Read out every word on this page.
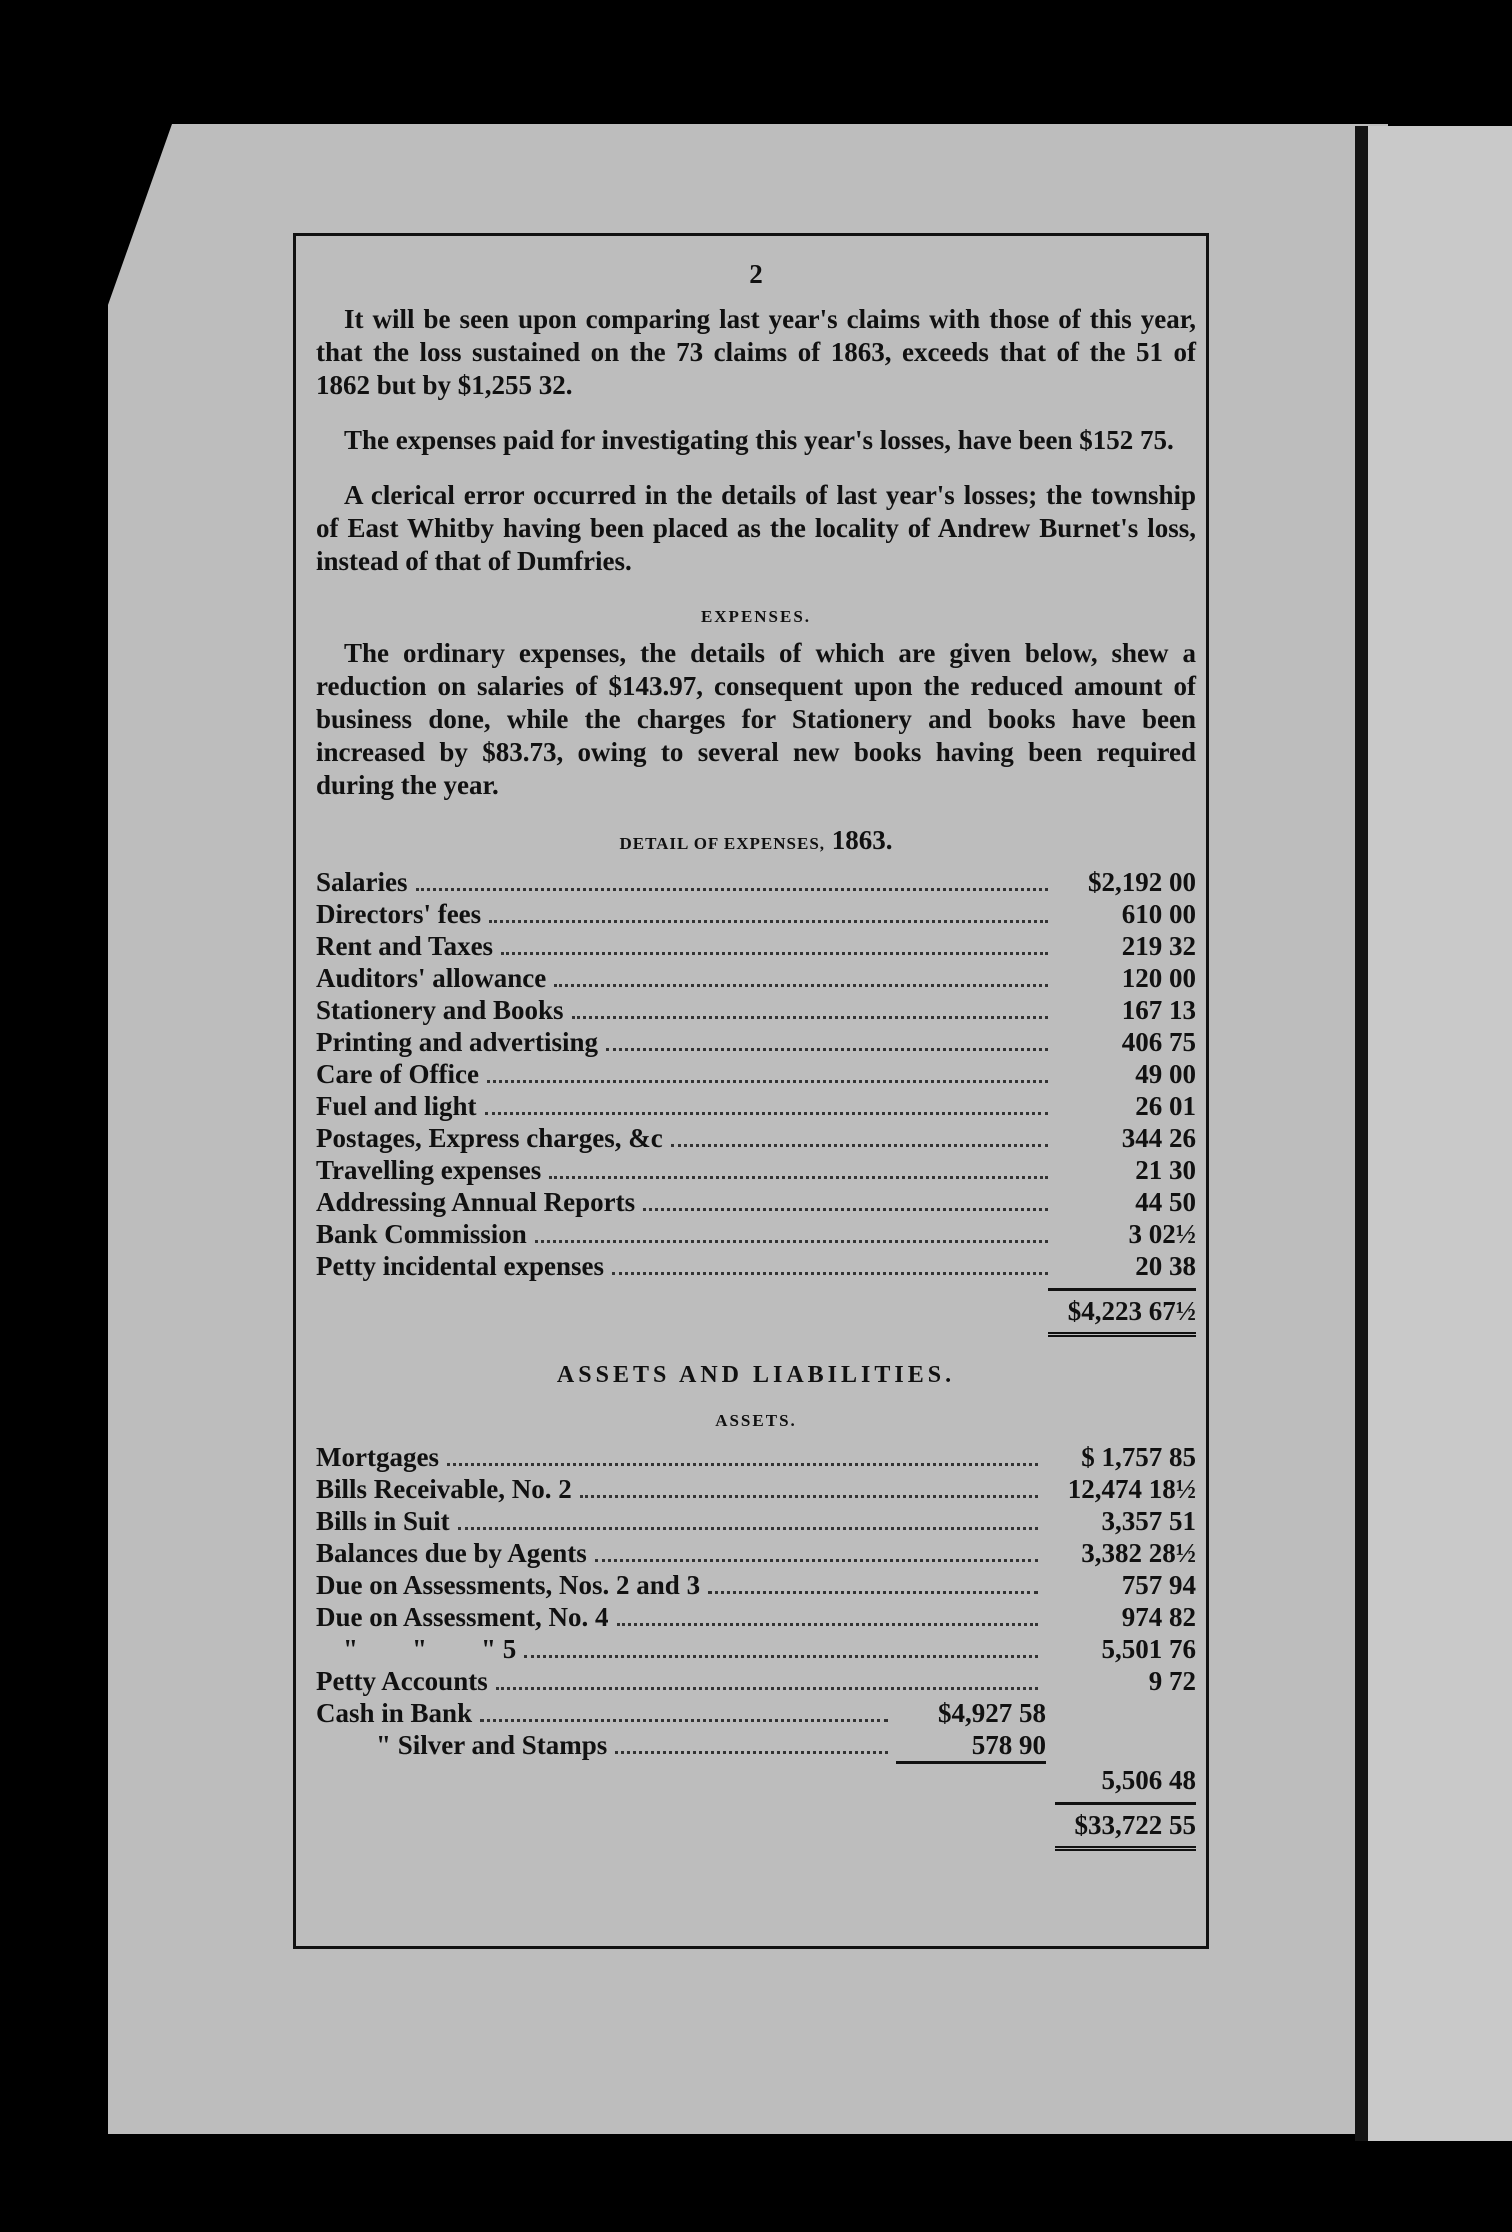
2

It will be seen upon comparing last year's claims with those of this year, that the loss sustained on the 73 claims of 1863, exceeds that of the 51 of 1862 but by $1,255 32.

The expenses paid for investigating this year's losses, have been $152 75.

A clerical error occurred in the details of last year's losses; the township of East Whitby having been placed as the locality of Andrew Burnet's loss, instead of that of Dumfries.

EXPENSES.

The ordinary expenses, the details of which are given below, shew a reduction on salaries of $143.97, consequent upon the reduced amount of business done, while the charges for Stationery and books have been increased by $83.73, owing to several new books having been required during the year.

DETAIL OF EXPENSES, 1863.
Salaries	$2,192 00
Directors' fees	610 00
Rent and Taxes	219 32
Auditors' allowance	120 00
Stationery and Books	167 13
Printing and advertising	406 75
Care of Office	49 00
Fuel and light	26 01
Postages, Express charges, &c	344 26
Travelling expenses	21 30
Addressing Annual Reports	44 50
Bank Commission	3 02½
Petty incidental expenses	20 38
$4,223 67½
ASSETS AND LIABILITIES.
ASSETS.
Mortgages	$ 1,757 85
Bills Receivable, No. 2	12,474 18½
Bills in Suit	3,357 51
Balances due by Agents	3,382 28½
Due on Assessments, Nos. 2 and 3	757 94
Due on Assessment, No. 4	974 82
"        "        " 5	5,501 76
Petty Accounts	9 72
Cash in Bank	$4,927 58
" Silver and Stamps	578 90
5,506 48
$33,722 55
